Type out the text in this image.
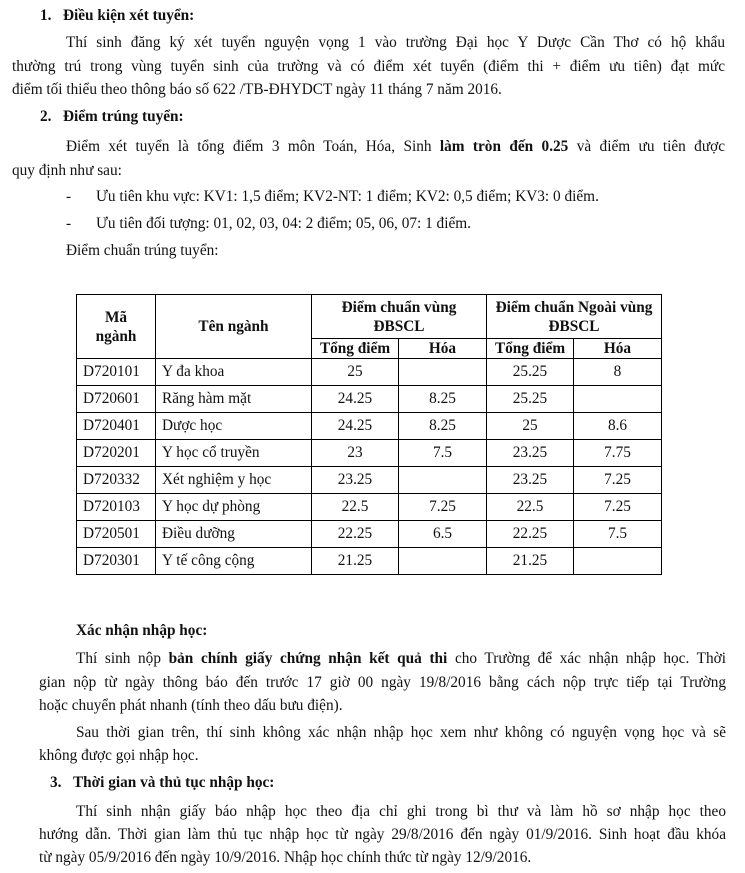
1. Điều kiện xét tuyển:
Thí sinh đăng ký xét tuyển nguyện vọng 1 vào trường Đại học Y Dược Cần Thơ có hộ khẩu
thường trú trong vùng tuyển sinh của trường và có điểm xét tuyển (điểm thi + điểm ưu tiên) đạt mức
điểm tối thiểu theo thông báo số 622 /TB-ĐHYDCT ngày 11 tháng 7 năm 2016.
2. Điểm trúng tuyển:
Điểm xét tuyển là tổng điểm 3 môn Toán, Hóa, Sinh làm tròn đến 0.25 và điểm ưu tiên được
quy định như sau:
- Ưu tiên khu vực: KV1: 1,5 điểm; KV2-NT: 1 điểm; KV2: 0,5 điểm; KV3: 0 điểm.
- Ưu tiên đối tượng: 01, 02, 03, 04: 2 điểm; 05, 06, 07: 1 điểm.
Điểm chuẩn trúng tuyển:
Mã ngành	Tên ngành	Điểm chuẩn vùng ĐBSCL		Điểm chuẩn Ngoài vùng ĐBSCL	
		Tổng điểm	Hóa	Tổng điểm	Hóa
D720101	Y đa khoa	25		25.25	8
D720601	Răng hàm mặt	24.25	8.25	25.25	
D720401	Dược học	24.25	8.25	25	8.6
D720201	Y học cổ truyền	23	7.5	23.25	7.75
D720332	Xét nghiệm y học	23.25		23.25	7.25
D720103	Y học dự phòng	22.5	7.25	22.5	7.25
D720501	Điều dưỡng	22.25	6.5	22.25	7.5
D720301	Y tế công cộng	21.25		21.25	
Xác nhận nhập học:
Thí sinh nộp bản chính giấy chứng nhận kết quả thi cho Trường để xác nhận nhập học. Thời
gian nộp từ ngày thông báo đến trước 17 giờ 00 ngày 19/8/2016 bằng cách nộp trực tiếp tại Trường
hoặc chuyển phát nhanh (tính theo dấu bưu điện).
Sau thời gian trên, thí sinh không xác nhận nhập học xem như không có nguyện vọng học và sẽ
không được gọi nhập học.
3. Thời gian và thủ tục nhập học:
Thí sinh nhận giấy báo nhập học theo địa chỉ ghi trong bì thư và làm hồ sơ nhập học theo
hướng dẫn. Thời gian làm thủ tục nhập học từ ngày 29/8/2016 đến ngày 01/9/2016. Sinh hoạt đầu khóa
từ ngày 05/9/2016 đến ngày 10/9/2016. Nhập học chính thức từ ngày 12/9/2016.
